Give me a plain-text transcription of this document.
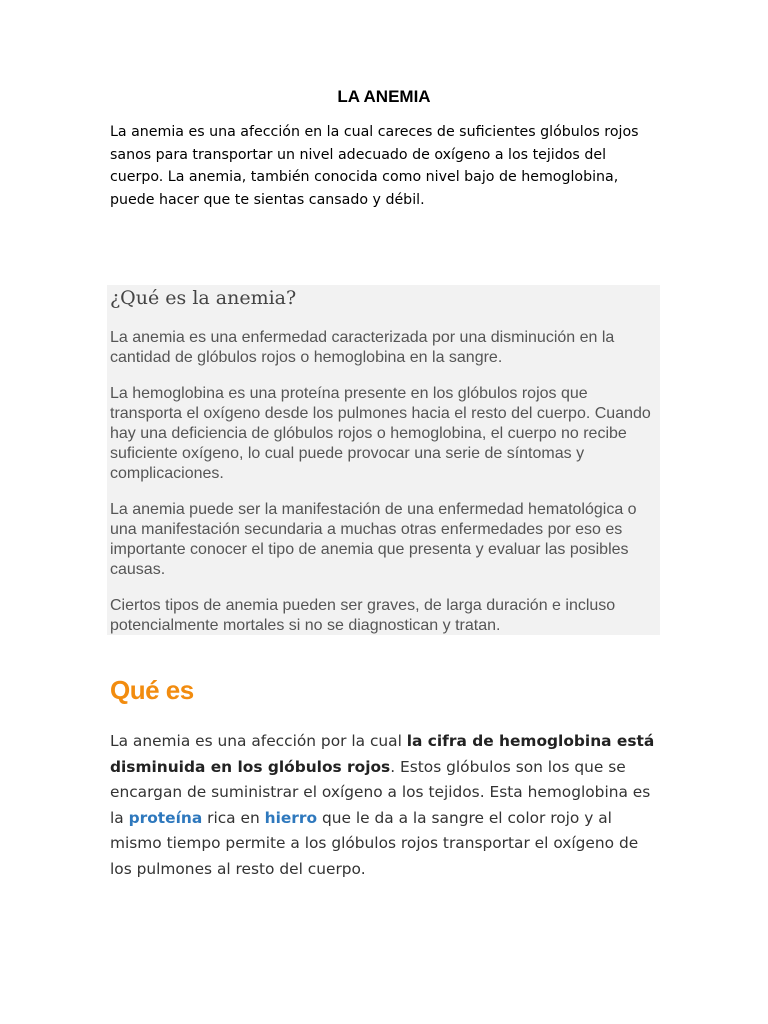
LA ANEMIA

La anemia es una afección en la cual careces de suficientes glóbulos rojos sanos para transportar un nivel adecuado de oxígeno a los tejidos del cuerpo. La anemia, también conocida como nivel bajo de hemoglobina, puede hacer que te sientas cansado y débil.

¿Qué es la anemia?

La anemia es una enfermedad caracterizada por una disminución en la cantidad de glóbulos rojos o hemoglobina en la sangre.

La hemoglobina es una proteína presente en los glóbulos rojos que transporta el oxígeno desde los pulmones hacia el resto del cuerpo. Cuando hay una deficiencia de glóbulos rojos o hemoglobina, el cuerpo no recibe suficiente oxígeno, lo cual puede provocar una serie de síntomas y complicaciones.

La anemia puede ser la manifestación de una enfermedad hematológica o una manifestación secundaria a muchas otras enfermedades por eso es importante conocer el tipo de anemia que presenta y evaluar las posibles causas.

Ciertos tipos de anemia pueden ser graves, de larga duración e incluso potencialmente mortales si no se diagnostican y tratan.

Qué es

La anemia es una afección por la cual la cifra de hemoglobina está disminuida en los glóbulos rojos. Estos glóbulos son los que se encargan de suministrar el oxígeno a los tejidos. Esta hemoglobina es la proteína rica en hierro que le da a la sangre el color rojo y al mismo tiempo permite a los glóbulos rojos transportar el oxígeno de los pulmones al resto del cuerpo.
